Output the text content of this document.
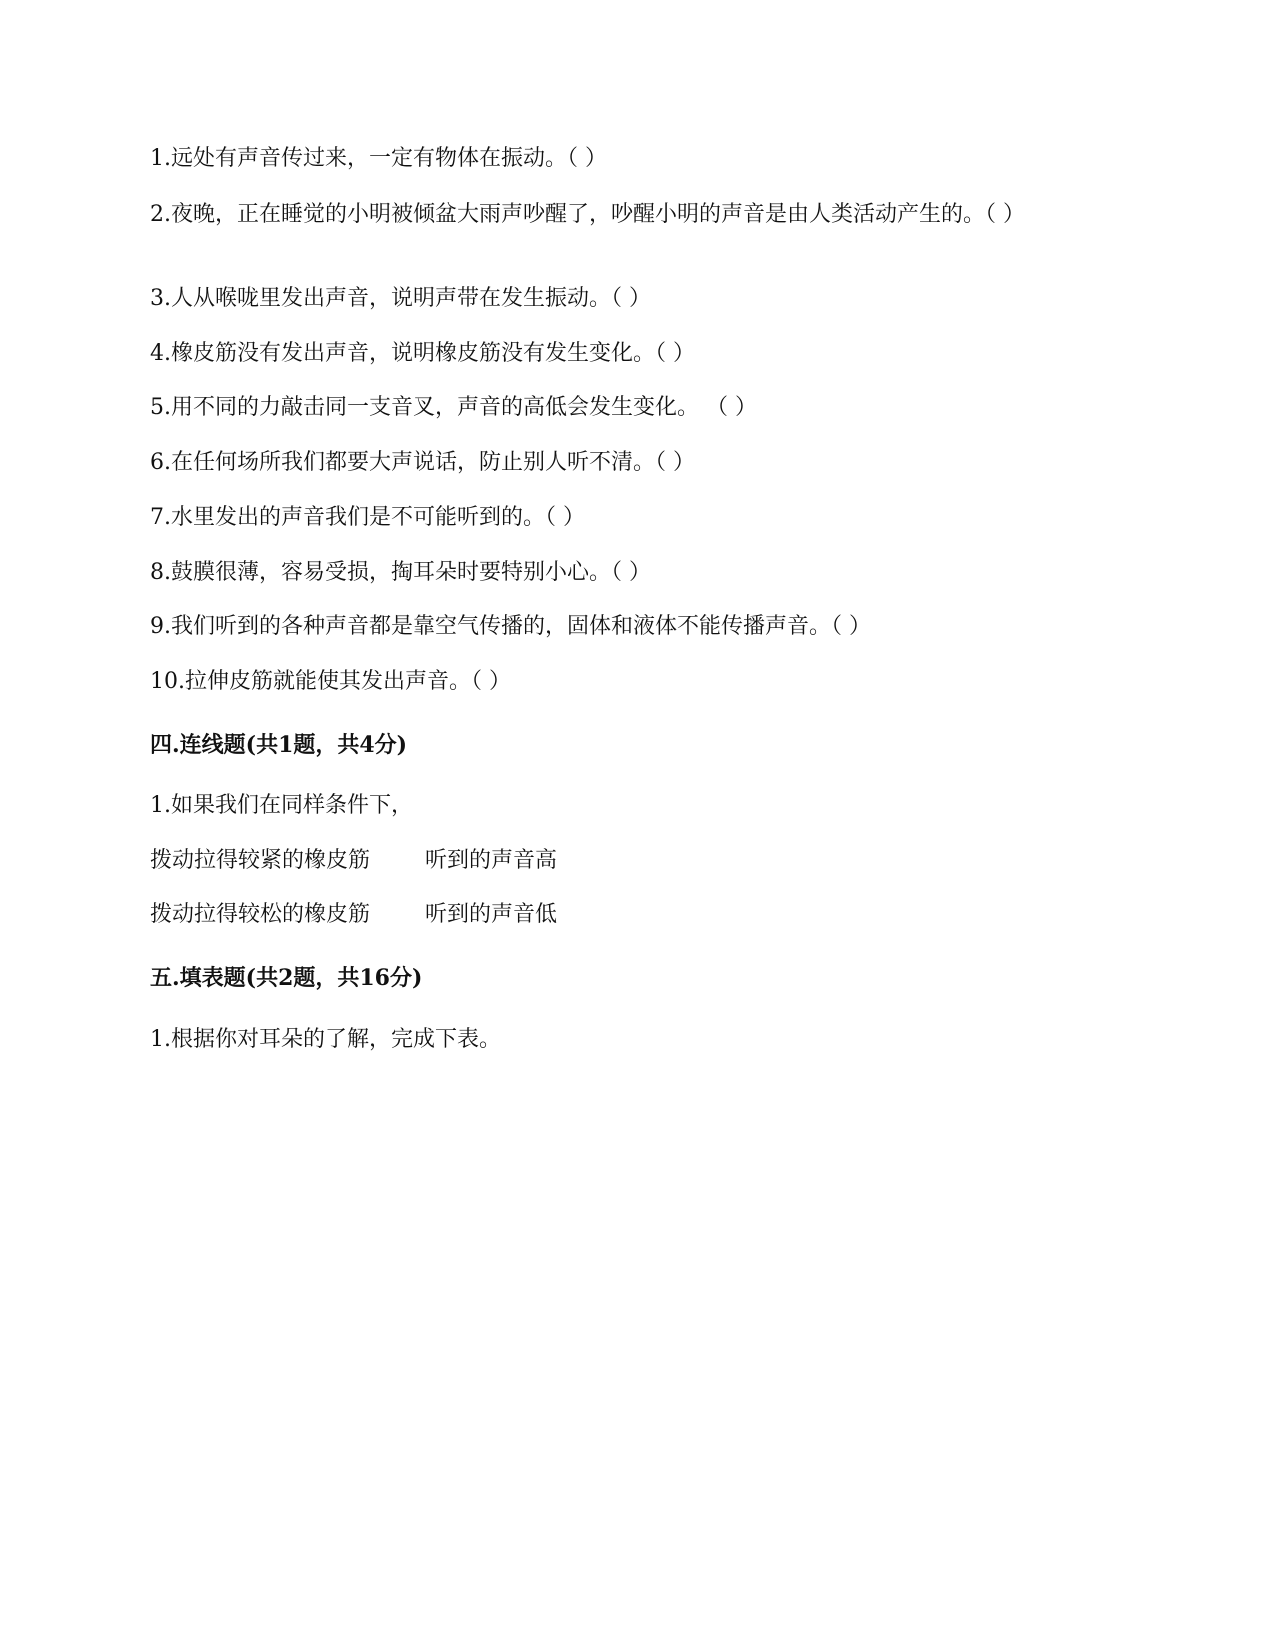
1.远处有声音传过来，一定有物体在振动。（ ）
2.夜晚，正在睡觉的小明被倾盆大雨声吵醒了，吵醒小明的声音是由人类活动产生的。（ ）
3.人从喉咙里发出声音，说明声带在发生振动。（ ）
4.橡皮筋没有发出声音，说明橡皮筋没有发生变化。（ ）
5.用不同的力敲击同一支音叉，声音的高低会发生变化。 （ ）
6.在任何场所我们都要大声说话，防止别人听不清。（ ）
7.水里发出的声音我们是不可能听到的。（ ）
8.鼓膜很薄，容易受损，掏耳朵时要特别小心。（ ）
9.我们听到的各种声音都是靠空气传播的，固体和液体不能传播声音。（ ）
10.拉伸皮筋就能使其发出声音。（ ）
四.连线题(共1题，共4分)
1.如果我们在同样条件下，
拨动拉得较紧的橡皮筋 听到的声音高
拨动拉得较松的橡皮筋 听到的声音低
五.填表题(共2题，共16分)
1.根据你对耳朵的了解，完成下表。
